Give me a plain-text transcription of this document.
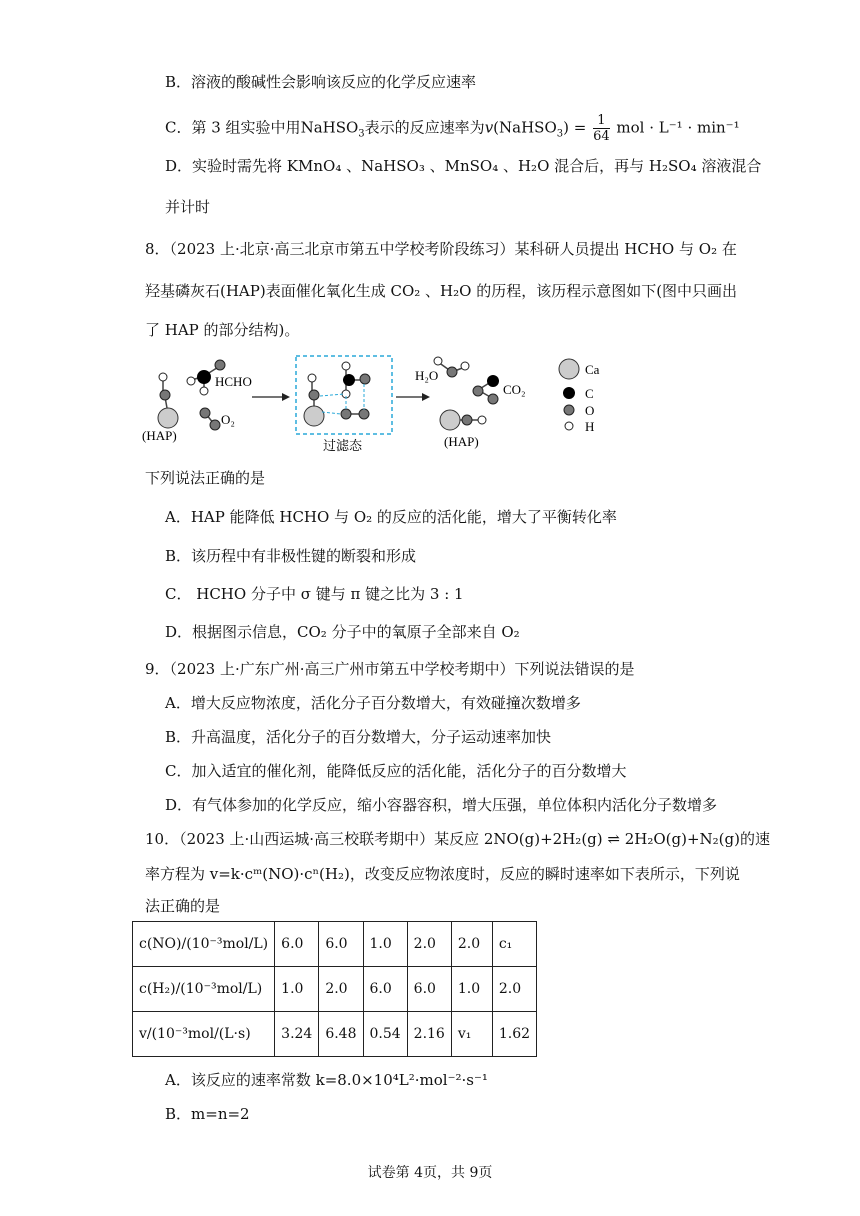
B．溶液的酸碱性会影响该反应的化学反应速率
C．第 3 组实验中用NaHSO$_3$表示的反应速率为v(NaHSO$_3$) = $\frac{1}{64}$ mol · L⁻¹ · min⁻¹
D．实验时需先将 KMnO₄ 、NaHSO₃ 、MnSO₄ 、H₂O 混合后，再与 H₂SO₄ 溶液混合
并计时
8．（2023 上·北京·高三北京市第五中学校考阶段练习）某科研人员提出 HCHO 与 O₂ 在
羟基磷灰石(HAP)表面催化氧化生成 CO₂ 、H₂O 的历程，该历程示意图如下(图中只画出
了 HAP 的部分结构)。
(HAP)
HCHO
O₂
过滤态
H₂O
CO₂
(HAP)
Ca
C
O
H
下列说法正确的是
A．HAP 能降低 HCHO 与 O₂ 的反应的活化能，增大了平衡转化率
B．该历程中有非极性键的断裂和形成
C． HCHO 分子中 σ 键与 π 键之比为 3 : 1
D．根据图示信息，CO₂ 分子中的氧原子全部来自 O₂
9．（2023 上·广东广州·高三广州市第五中学校考期中）下列说法错误的是
A．增大反应物浓度，活化分子百分数增大，有效碰撞次数增多
B．升高温度，活化分子的百分数增大，分子运动速率加快
C．加入适宜的催化剂，能降低反应的活化能，活化分子的百分数增大
D．有气体参加的化学反应，缩小容器容积，增大压强，单位体积内活化分子数增多
10．（2023 上·山西运城·高三校联考期中）某反应 2NO(g)+2H₂(g) ⇌ 2H₂O(g)+N₂(g)的速
率方程为 v=k·cᵐ(NO)·cⁿ(H₂)，改变反应物浓度时，反应的瞬时速率如下表所示，下列说
法正确的是
c(NO)/(10⁻³mol/L)	6.0	6.0	1.0	2.0	2.0	c₁
c(H₂)/(10⁻³mol/L)	1.0	2.0	6.0	6.0	1.0	2.0
v/(10⁻³mol/(L·s)	3.24	6.48	0.54	2.16	v₁	1.62
A．该反应的速率常数 k=8.0×10⁴L²·mol⁻²·s⁻¹
B．m=n=2
试卷第 4页，共 9页
